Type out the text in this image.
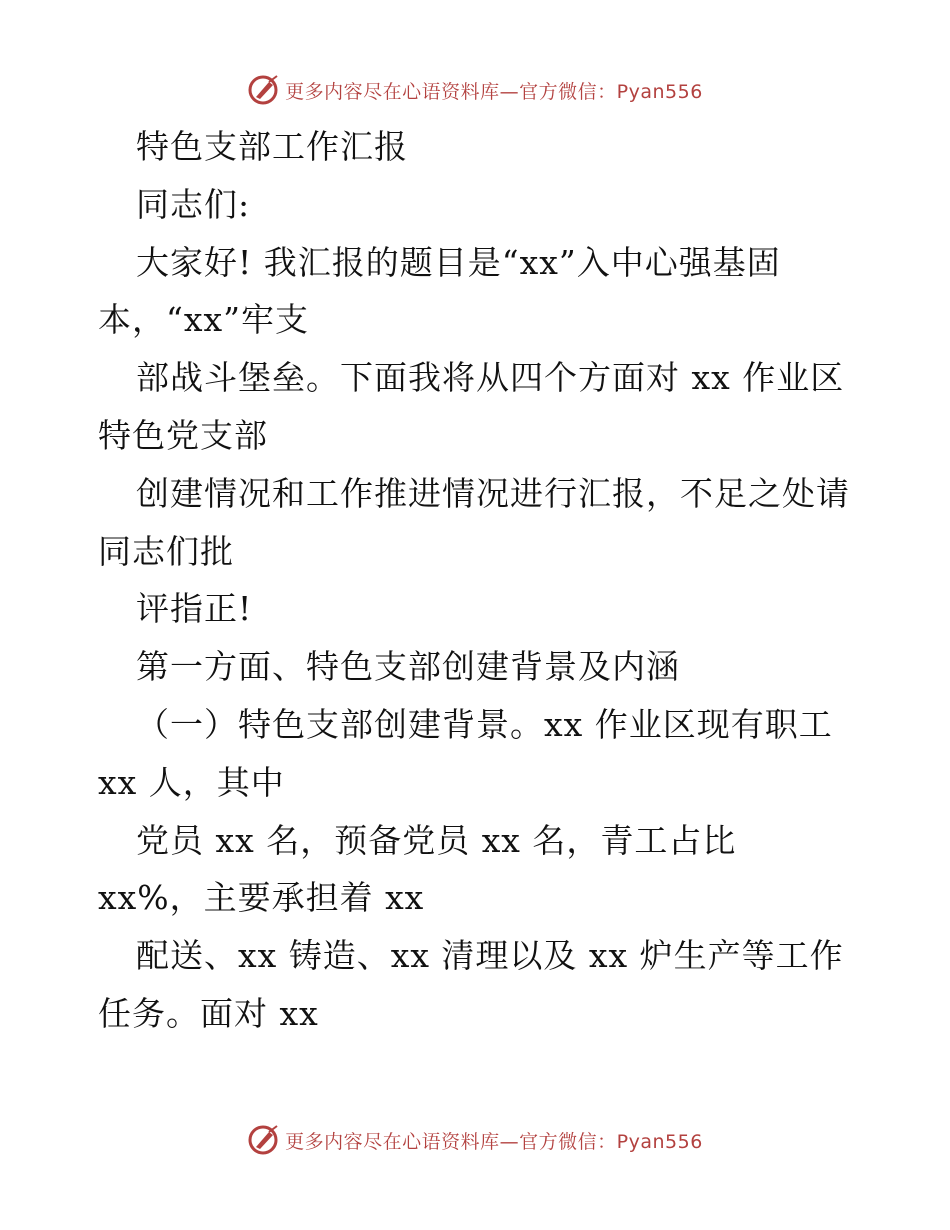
更多内容尽在心语资料库—官方微信：Pyan556
特色支部工作汇报
同志们:
大家好! 我汇报的题目是“xx”入中心强基固
本，“xx”牢支
部战斗堡垒。下面我将从四个方面对 xx 作业区
特色党支部
创建情况和工作推进情况进行汇报，不足之处请
同志们批
评指正!
第一方面、特色支部创建背景及内涵
（一）特色支部创建背景。xx 作业区现有职工
xx 人，其中
党员 xx 名，预备党员 xx 名，青工占比
xx%，主要承担着 xx
配送、xx 铸造、xx 清理以及 xx 炉生产等工作
任务。面对 xx
更多内容尽在心语资料库—官方微信：Pyan556
